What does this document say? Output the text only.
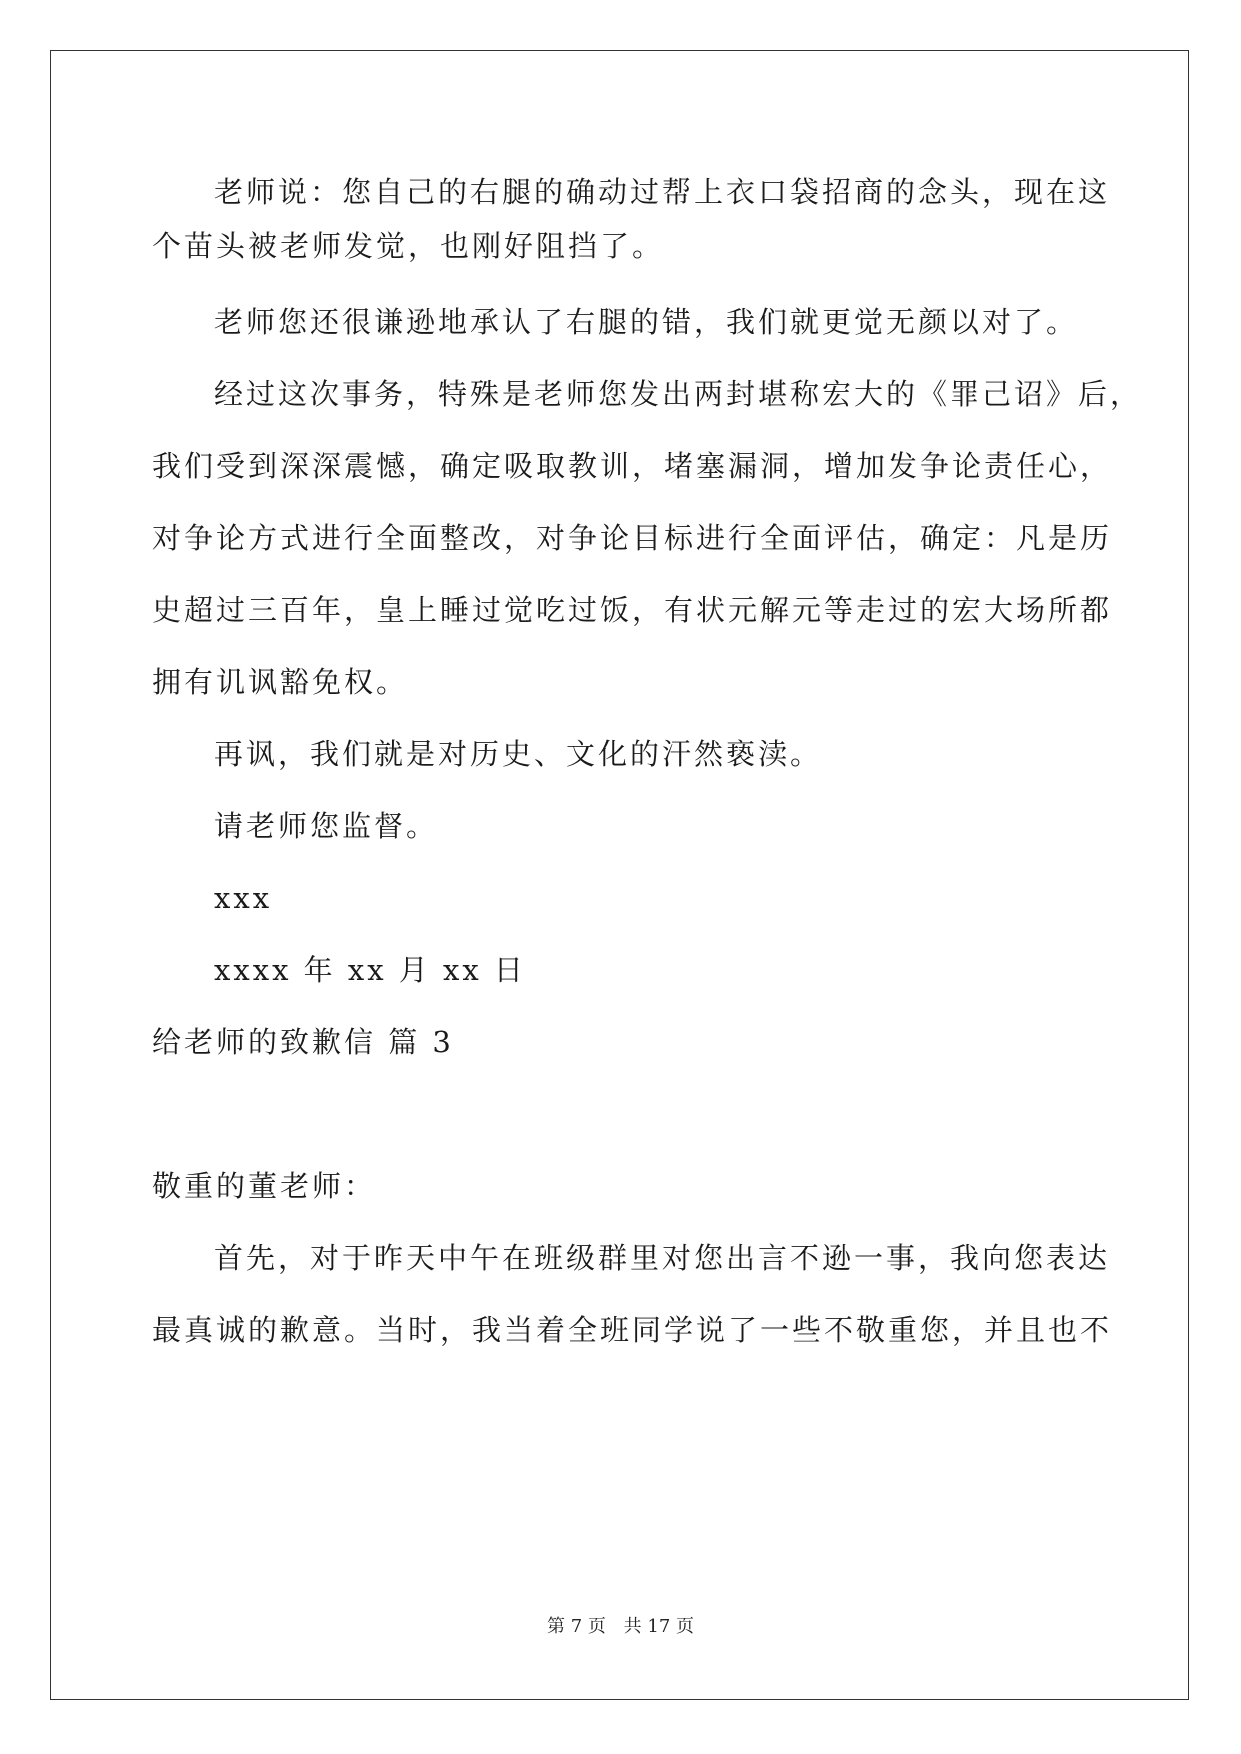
老师说：您自己的右腿的确动过帮上衣口袋招商的念头，现在这
个苗头被老师发觉，也刚好阻挡了。
老师您还很谦逊地承认了右腿的错，我们就更觉无颜以对了。
经过这次事务，特殊是老师您发出两封堪称宏大的《罪己诏》后，
我们受到深深震憾，确定吸取教训，堵塞漏洞，增加发争论责任心，
对争论方式进行全面整改，对争论目标进行全面评估，确定：凡是历
史超过三百年，皇上睡过觉吃过饭，有状元解元等走过的宏大场所都
拥有讥讽豁免权。
再讽，我们就是对历史、文化的汗然亵渎。
请老师您监督。
xxx
xxxx 年 xx 月 xx 日
给老师的致歉信 篇 3
敬重的董老师：
首先，对于昨天中午在班级群里对您出言不逊一事，我向您表达
最真诚的歉意。当时，我当着全班同学说了一些不敬重您，并且也不
第 7 页 共 17 页
